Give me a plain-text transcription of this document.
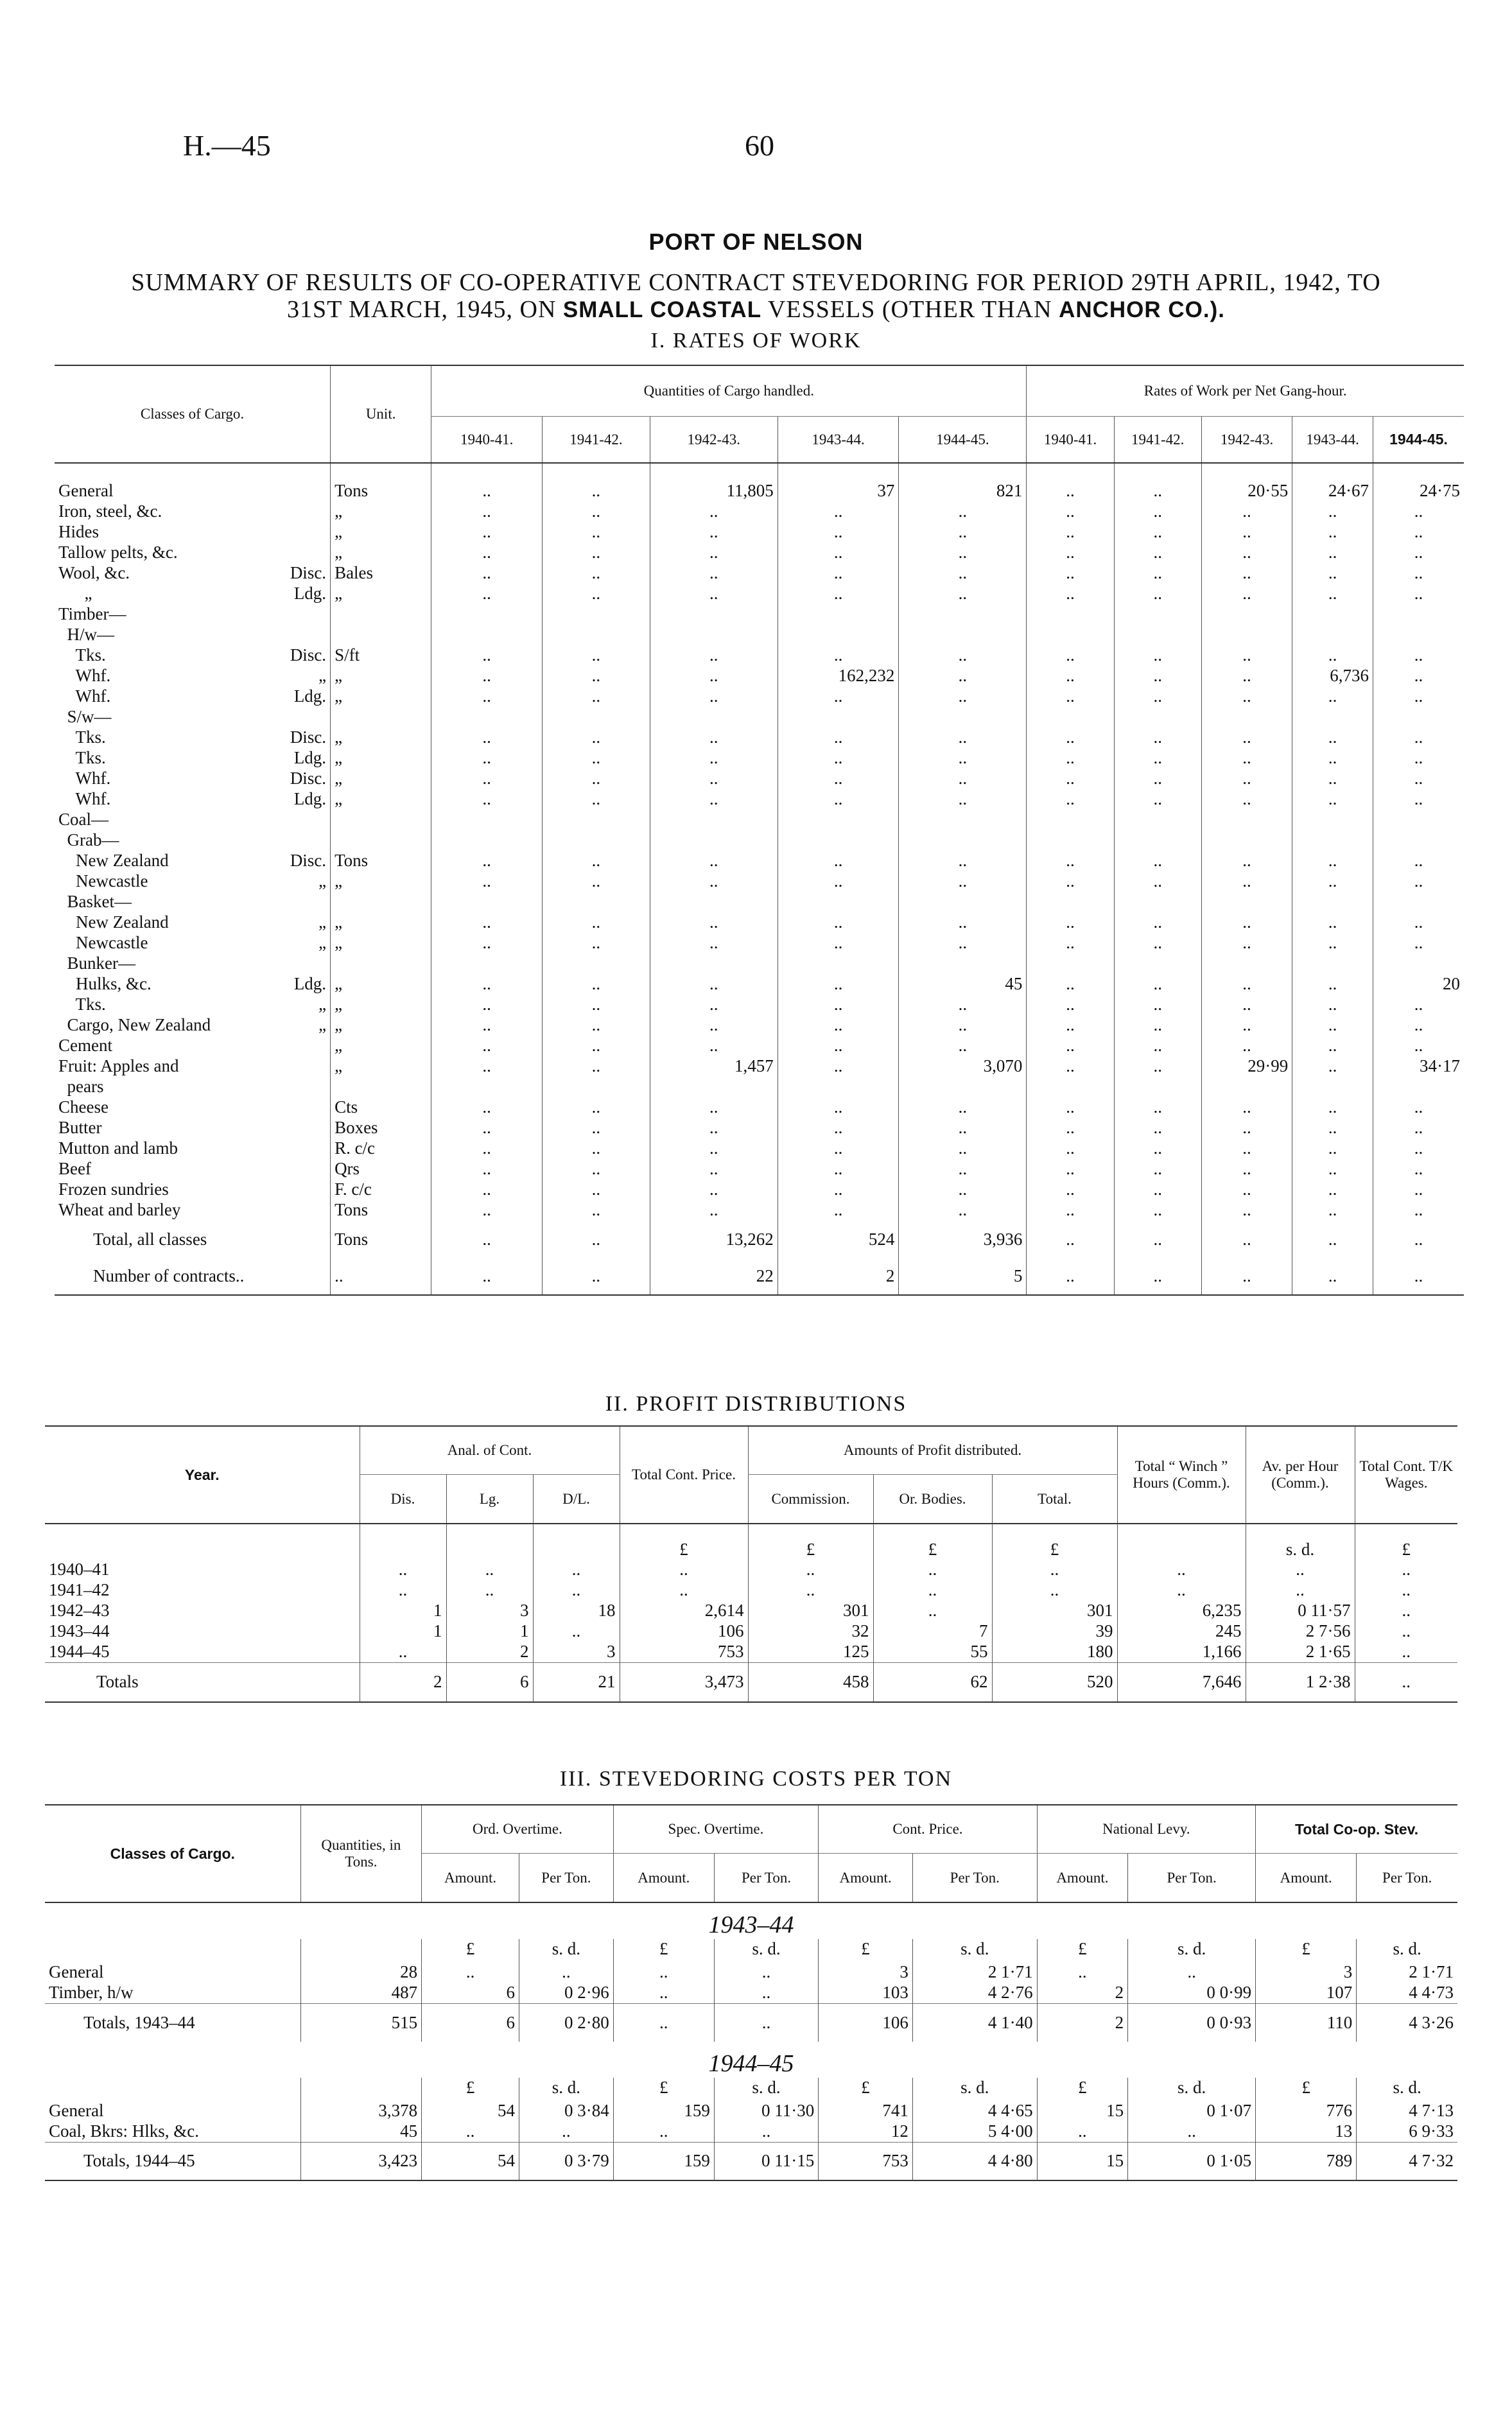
H.—45	60
PORT OF NELSON
SUMMARY OF RESULTS OF CO-OPERATIVE CONTRACT STEVEDORING FOR PERIOD 29TH APRIL, 1942, TO
31ST MARCH, 1945, ON SMALL COASTAL VESSELS (OTHER THAN ANCHOR CO.).
I. RATES OF WORK
Classes of Cargo.	Unit.	Quantities of Cargo handled.					Rates of Work per Net Gang-hour.				
		1940-41.	1941-42.	1942-43.	1943-44.	1944-45.	1940-41.	1941-42.	1942-43.	1943-44.	1944-45.

General	Tons	..	..	11,805	37	821	..	..	20·55	24·67	24·75
Iron, steel, &c.	„	..	..	..	..	..	..	..	..	..	..
Hides	„	..	..	..	..	..	..	..	..	..	..
Tallow pelts, &c.	„	..	..	..	..	..	..	..	..	..	..
Wool, &c. Disc.	Bales	..	..	..	..	..	..	..	..	..	..
„ Ldg.	„	..	..	..	..	..	..	..	..	..	..
Timber—

H/w—

Tks. Disc.	S/ft	..	..	..	..	..	..	..	..	..	..
Whf. „	„	..	..	..	162,232	..	..	..	..	6,736	..
Whf. Ldg.	„	..	..	..	..	..	..	..	..	..	..
S/w—

Tks. Disc.	„	..	..	..	..	..	..	..	..	..	..
Tks. Ldg.	„	..	..	..	..	..	..	..	..	..	..
Whf. Disc.	„	..	..	..	..	..	..	..	..	..	..
Whf. Ldg.	„	..	..	..	..	..	..	..	..	..	..
Coal—

Grab—

New Zealand Disc.	Tons	..	..	..	..	..	..	..	..	..	..
Newcastle „	„	..	..	..	..	..	..	..	..	..	..
Basket—

New Zealand „	„	..	..	..	..	..	..	..	..	..	..
Newcastle „	„	..	..	..	..	..	..	..	..	..	..
Bunker—

Hulks, &c. Ldg.	„	..	..	..	..	45	..	..	..	..	20
Tks. „	„	..	..	..	..	..	..	..	..	..	..
Cargo, New Zealand „	„	..	..	..	..	..	..	..	..	..	..
Cement	„	..	..	..	..	..	..	..	..	..	..
Fruit: Apples and	„	..	..	1,457	..	3,070	..	..	29·99	..	34·17
pears

Cheese	Cts	..	..	..	..	..	..	..	..	..	..
Butter	Boxes	..	..	..	..	..	..	..	..	..	..
Mutton and lamb	R. c/c	..	..	..	..	..	..	..	..	..	..
Beef	Qrs	..	..	..	..	..	..	..	..	..	..
Frozen sundries	F. c/c	..	..	..	..	..	..	..	..	..	..
Wheat and barley	Tons	..	..	..	..	..	..	..	..	..	..
Total, all classes	Tons	..	..	13,262	524	3,936	..	..	..	..	..
Number of contracts..	..	..	..	22	2	5	..	..	..	..	..
II. PROFIT DISTRIBUTIONS
Year.	Anal. of Cont.			Total Cont. Price.	Amounts of Profit distributed.			Total “ Winch ” Hours (Comm.).	Av. per Hour (Comm.).	Total Cont. T/K Wages.
	Dis.	Lg.	D/L.		Commission.	Or. Bodies.	Total.			
				£	£	£	£		s. d.	£
1940–41	..	..	..	..	..	..	..	..	..	..
1941–42	..	..	..	..	..	..	..	..	..	..
1942–43	1	3	18	2,614	301	..	301	6,235	0 11·57	..
1943–44	1	1	..	106	32	7	39	245	2 7·56	..
1944–45	..	2	3	753	125	55	180	1,166	2 1·65	..
Totals	2	6	21	3,473	458	62	520	7,646	1 2·38	..
III. STEVEDORING COSTS PER TON
Classes of Cargo.	Quantities, in Tons.	Ord. Overtime.		Spec. Overtime.		Cont. Price.		National Levy.		Total Co-op. Stev.	
		Amount.	Per Ton.	Amount.	Per Ton.	Amount.	Per Ton.	Amount.	Per Ton.	Amount.	Per Ton.
1943–44											
		£	s. d.	£	s. d.	£	s. d.	£	s. d.	£	s. d.
General	28	..	..	..	..	3	2 1·71	..	..	3	2 1·71
Timber, h/w	487	6	0 2·96	..	..	103	4 2·76	2	0 0·99	107	4 4·73
Totals, 1943–44	515	6	0 2·80	..	..	106	4 1·40	2	0 0·93	110	4 3·26
1944–45											
		£	s. d.	£	s. d.	£	s. d.	£	s. d.	£	s. d.
General	3,378	54	0 3·84	159	0 11·30	741	4 4·65	15	0 1·07	776	4 7·13
Coal, Bkrs: Hlks, &c.	45	..	..	..	..	12	5 4·00	..	..	13	6 9·33
Totals, 1944–45	3,423	54	0 3·79	159	0 11·15	753	4 4·80	15	0 1·05	789	4 7·32
